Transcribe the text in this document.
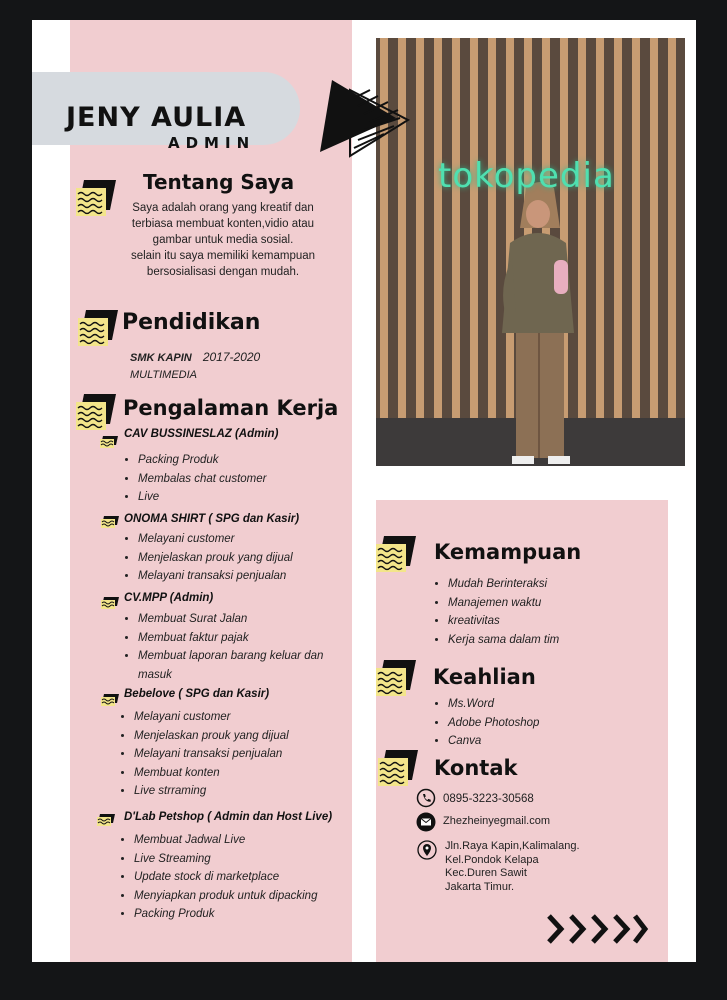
tokopedia
JENY AULIA
ADMIN
Tentang Saya
Saya adalah orang yang kreatif dan
terbiasa membuat konten,vidio atau
gambar untuk media sosial.
selain itu saya memiliki kemampuan
bersosialisasi dengan mudah.
Pendidikan
SMK KAPIN 2017-2020
MULTIMEDIA
Pengalaman Kerja
CAV BUSSINESLAZ (Admin)
• Packing Produk
• Membalas chat customer
• Live
ONOMA SHIRT ( SPG dan Kasir)
• Melayani customer
• Menjelaskan prouk yang dijual
• Melayani transaksi penjualan
CV.MPP (Admin)
• Membuat Surat Jalan
• Membuat faktur pajak
• Membuat laporan barang keluar dan masuk
Bebelove ( SPG dan Kasir)
• Melayani customer
• Menjelaskan prouk yang dijual
• Melayani transaksi penjualan
• Membuat konten
• Live strraming
D'Lab Petshop ( Admin dan Host Live)
• Membuat Jadwal Live
• Live Streaming
• Update stock di marketplace
• Menyiapkan produk untuk dipacking
• Packing Produk
Kemampuan
• Mudah Berinteraksi
• Manajemen waktu
• kreativitas
• Kerja sama dalam tim
Keahlian
• Ms.Word
• Adobe Photoshop
• Canva
Kontak
0895-3223-30568
Zhezheinyegmail.com
Jln.Raya Kapin,Kalimalang.
Kel.Pondok Kelapa
Kec.Duren Sawit
Jakarta Timur.
